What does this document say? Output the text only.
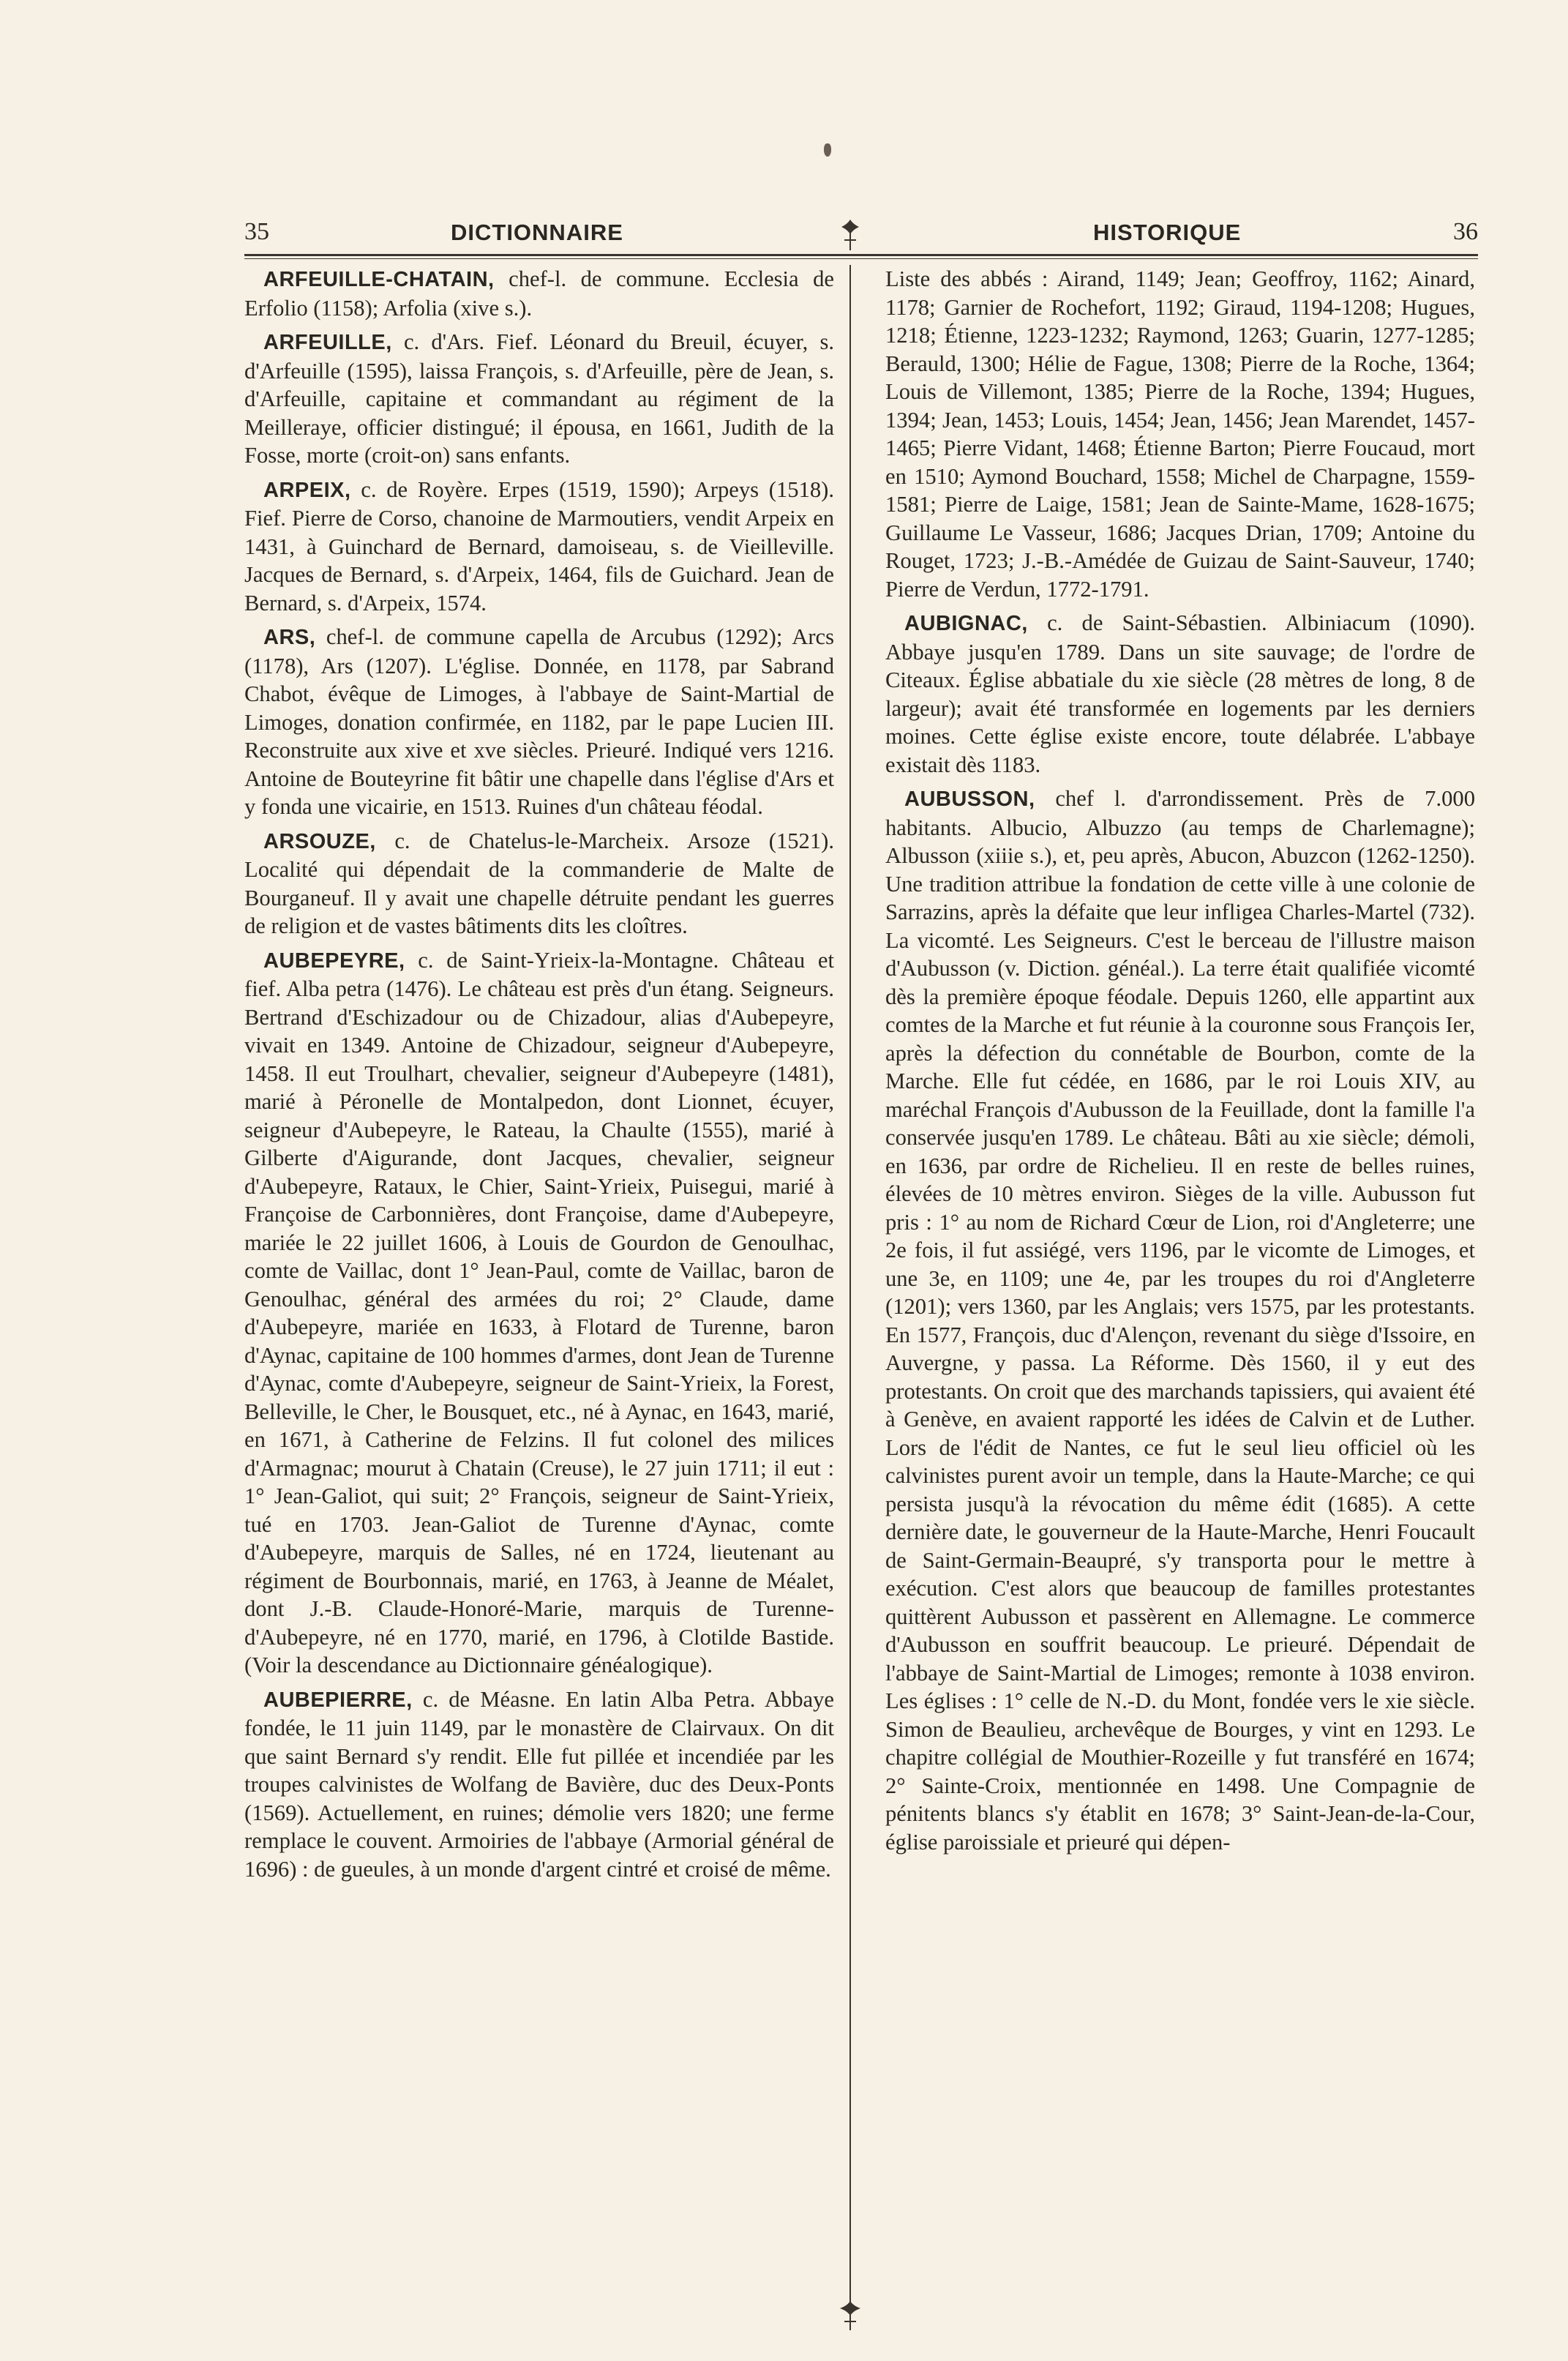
35	DICTIONNAIRE	HISTORIQUE	36

ARFEUILLE-CHATAIN, chef-l. de commune. Ecclesia de Erfolio (1158); Arfolia (xive s.).

ARFEUILLE, c. d'Ars. Fief. Léonard du Breuil, écuyer, s. d'Arfeuille (1595), laissa François, s. d'Arfeuille, père de Jean, s. d'Arfeuille, capitaine et commandant au régiment de la Meilleraye, officier distingué; il épousa, en 1661, Judith de la Fosse, morte (croit-on) sans enfants.

ARPEIX, c. de Royère. Erpes (1519, 1590); Arpeys (1518). Fief. Pierre de Corso, chanoine de Marmoutiers, vendit Arpeix en 1431, à Guinchard de Bernard, damoiseau, s. de Vieilleville. Jacques de Bernard, s. d'Arpeix, 1464, fils de Guichard. Jean de Bernard, s. d'Arpeix, 1574.

ARS, chef-l. de commune capella de Arcubus (1292); Arcs (1178), Ars (1207). L'église. Donnée, en 1178, par Sabrand Chabot, évêque de Limoges, à l'abbaye de Saint-Martial de Limoges, donation confirmée, en 1182, par le pape Lucien III. Reconstruite aux xive et xve siècles. Prieuré. Indiqué vers 1216. Antoine de Bouteyrine fit bâtir une chapelle dans l'église d'Ars et y fonda une vicairie, en 1513. Ruines d'un château féodal.

ARSOUZE, c. de Chatelus-le-Marcheix. Arsoze (1521). Localité qui dépendait de la commanderie de Malte de Bourganeuf. Il y avait une chapelle détruite pendant les guerres de religion et de vastes bâtiments dits les cloîtres.

AUBEPEYRE, c. de Saint-Yrieix-la-Montagne. Château et fief. Alba petra (1476). Le château est près d'un étang. Seigneurs. Bertrand d'Eschizadour ou de Chizadour, alias d'Aubepeyre, vivait en 1349. Antoine de Chizadour, seigneur d'Aubepeyre, 1458. Il eut Troulhart, chevalier, seigneur d'Aubepeyre (1481), marié à Péronelle de Montalpedon, dont Lionnet, écuyer, seigneur d'Aubepeyre, le Rateau, la Chaulte (1555), marié à Gilberte d'Aigurande, dont Jacques, chevalier, seigneur d'Aubepeyre, Rataux, le Chier, Saint-Yrieix, Puisegui, marié à Françoise de Carbonnières, dont Françoise, dame d'Aubepeyre, mariée le 22 juillet 1606, à Louis de Gourdon de Genoulhac, comte de Vaillac, dont 1° Jean-Paul, comte de Vaillac, baron de Genoulhac, général des armées du roi; 2° Claude, dame d'Aubepeyre, mariée en 1633, à Flotard de Turenne, baron d'Aynac, capitaine de 100 hommes d'armes, dont Jean de Turenne d'Aynac, comte d'Aubepeyre, seigneur de Saint-Yrieix, la Forest, Belleville, le Cher, le Bousquet, etc., né à Aynac, en 1643, marié, en 1671, à Catherine de Felzins. Il fut colonel des milices d'Armagnac; mourut à Chatain (Creuse), le 27 juin 1711; il eut : 1° Jean-Galiot, qui suit; 2° François, seigneur de Saint-Yrieix, tué en 1703. Jean-Galiot de Turenne d'Aynac, comte d'Aubepeyre, marquis de Salles, né en 1724, lieutenant au régiment de Bourbonnais, marié, en 1763, à Jeanne de Méalet, dont J.-B. Claude-Honoré-Marie, marquis de Turenne-d'Aubepeyre, né en 1770, marié, en 1796, à Clotilde Bastide. (Voir la descendance au Dictionnaire généalogique).

AUBEPIERRE, c. de Méasne. En latin Alba Petra. Abbaye fondée, le 11 juin 1149, par le monastère de Clairvaux. On dit que saint Bernard s'y rendit. Elle fut pillée et incendiée par les troupes calvinistes de Wolfang de Bavière, duc des Deux-Ponts (1569). Actuellement, en ruines; démolie vers 1820; une ferme remplace le couvent. Armoiries de l'abbaye (Armorial général de 1696) : de gueules, à un monde d'argent cintré et croisé de même.

Liste des abbés : Airand, 1149; Jean; Geoffroy, 1162; Ainard, 1178; Garnier de Rochefort, 1192; Giraud, 1194-1208; Hugues, 1218; Étienne, 1223-1232; Raymond, 1263; Guarin, 1277-1285; Berauld, 1300; Hélie de Fague, 1308; Pierre de la Roche, 1364; Louis de Villemont, 1385; Pierre de la Roche, 1394; Hugues, 1394; Jean, 1453; Louis, 1454; Jean, 1456; Jean Marendet, 1457-1465; Pierre Vidant, 1468; Étienne Barton; Pierre Foucaud, mort en 1510; Aymond Bouchard, 1558; Michel de Charpagne, 1559-1581; Pierre de Laige, 1581; Jean de Sainte-Mame, 1628-1675; Guillaume Le Vasseur, 1686; Jacques Drian, 1709; Antoine du Rouget, 1723; J.-B.-Amédée de Guizau de Saint-Sauveur, 1740; Pierre de Verdun, 1772-1791.

AUBIGNAC, c. de Saint-Sébastien. Albiniacum (1090). Abbaye jusqu'en 1789. Dans un site sauvage; de l'ordre de Citeaux. Église abbatiale du xie siècle (28 mètres de long, 8 de largeur); avait été transformée en logements par les derniers moines. Cette église existe encore, toute délabrée. L'abbaye existait dès 1183.

AUBUSSON, chef l. d'arrondissement. Près de 7.000 habitants. Albucio, Albuzzo (au temps de Charlemagne); Albusson (xiiie s.), et, peu après, Abucon, Abuzcon (1262-1250). Une tradition attribue la fondation de cette ville à une colonie de Sarrazins, après la défaite que leur infligea Charles-Martel (732). La vicomté. Les Seigneurs. C'est le berceau de l'illustre maison d'Aubusson (v. Diction. généal.). La terre était qualifiée vicomté dès la première époque féodale. Depuis 1260, elle appartint aux comtes de la Marche et fut réunie à la couronne sous François Ier, après la défection du connétable de Bourbon, comte de la Marche. Elle fut cédée, en 1686, par le roi Louis XIV, au maréchal François d'Aubusson de la Feuillade, dont la famille l'a conservée jusqu'en 1789. Le château. Bâti au xie siècle; démoli, en 1636, par ordre de Richelieu. Il en reste de belles ruines, élevées de 10 mètres environ. Sièges de la ville. Aubusson fut pris : 1° au nom de Richard Cœur de Lion, roi d'Angleterre; une 2e fois, il fut assiégé, vers 1196, par le vicomte de Limoges, et une 3e, en 1109; une 4e, par les troupes du roi d'Angleterre (1201); vers 1360, par les Anglais; vers 1575, par les protestants. En 1577, François, duc d'Alençon, revenant du siège d'Issoire, en Auvergne, y passa. La Réforme. Dès 1560, il y eut des protestants. On croit que des marchands tapissiers, qui avaient été à Genève, en avaient rapporté les idées de Calvin et de Luther. Lors de l'édit de Nantes, ce fut le seul lieu officiel où les calvinistes purent avoir un temple, dans la Haute-Marche; ce qui persista jusqu'à la révocation du même édit (1685). A cette dernière date, le gouverneur de la Haute-Marche, Henri Foucault de Saint-Germain-Beaupré, s'y transporta pour le mettre à exécution. C'est alors que beaucoup de familles protestantes quittèrent Aubusson et passèrent en Allemagne. Le commerce d'Aubusson en souffrit beaucoup. Le prieuré. Dépendait de l'abbaye de Saint-Martial de Limoges; remonte à 1038 environ. Les églises : 1° celle de N.-D. du Mont, fondée vers le xie siècle. Simon de Beaulieu, archevêque de Bourges, y vint en 1293. Le chapitre collégial de Mouthier-Rozeille y fut transféré en 1674; 2° Sainte-Croix, mentionnée en 1498. Une Compagnie de pénitents blancs s'y établit en 1678; 3° Saint-Jean-de-la-Cour, église paroissiale et prieuré qui dépen-
